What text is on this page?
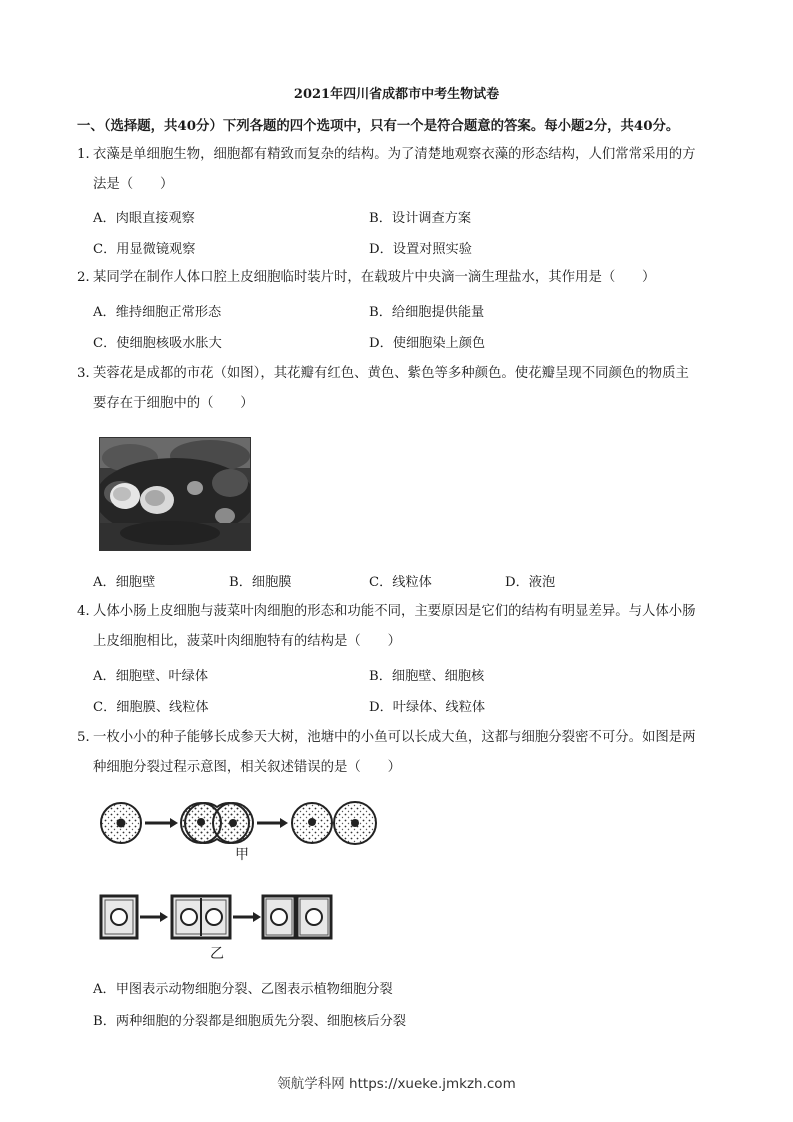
2021年四川省成都市中考生物试卷
一、（选择题，共40分）下列各题的四个选项中，只有一个是符合题意的答案。每小题2分，共40分。
1．衣藻是单细胞生物，细胞都有精致而复杂的结构。为了清楚地观察衣藻的形态结构，人们常常采用的方
法是（　　）
A．肉眼直接观察	B．设计调查方案
C．用显微镜观察	D．设置对照实验
2．某同学在制作人体口腔上皮细胞临时装片时，在载玻片中央滴一滴生理盐水，其作用是（　　）
A．维持细胞正常形态	B．给细胞提供能量
C．使细胞核吸水胀大	D．使细胞染上颜色
3．芙蓉花是成都的市花（如图），其花瓣有红色、黄色、紫色等多种颜色。使花瓣呈现不同颜色的物质主
要存在于细胞中的（　　）
A．细胞壁	B．细胞膜	C．线粒体	D．液泡
4．人体小肠上皮细胞与菠菜叶肉细胞的形态和功能不同，主要原因是它们的结构有明显差异。与人体小肠
上皮细胞相比，菠菜叶肉细胞特有的结构是（　　）
A．细胞壁、叶绿体	B．细胞壁、细胞核
C．细胞膜、线粒体	D．叶绿体、线粒体
5．一枚小小的种子能够长成参天大树，池塘中的小鱼可以长成大鱼，这都与细胞分裂密不可分。如图是两
种细胞分裂过程示意图，相关叙述错误的是（　　）
甲
乙
A．甲图表示动物细胞分裂、乙图表示植物细胞分裂
B．两种细胞的分裂都是细胞质先分裂、细胞核后分裂
领航学科网 https://xueke.jmkzh.com
